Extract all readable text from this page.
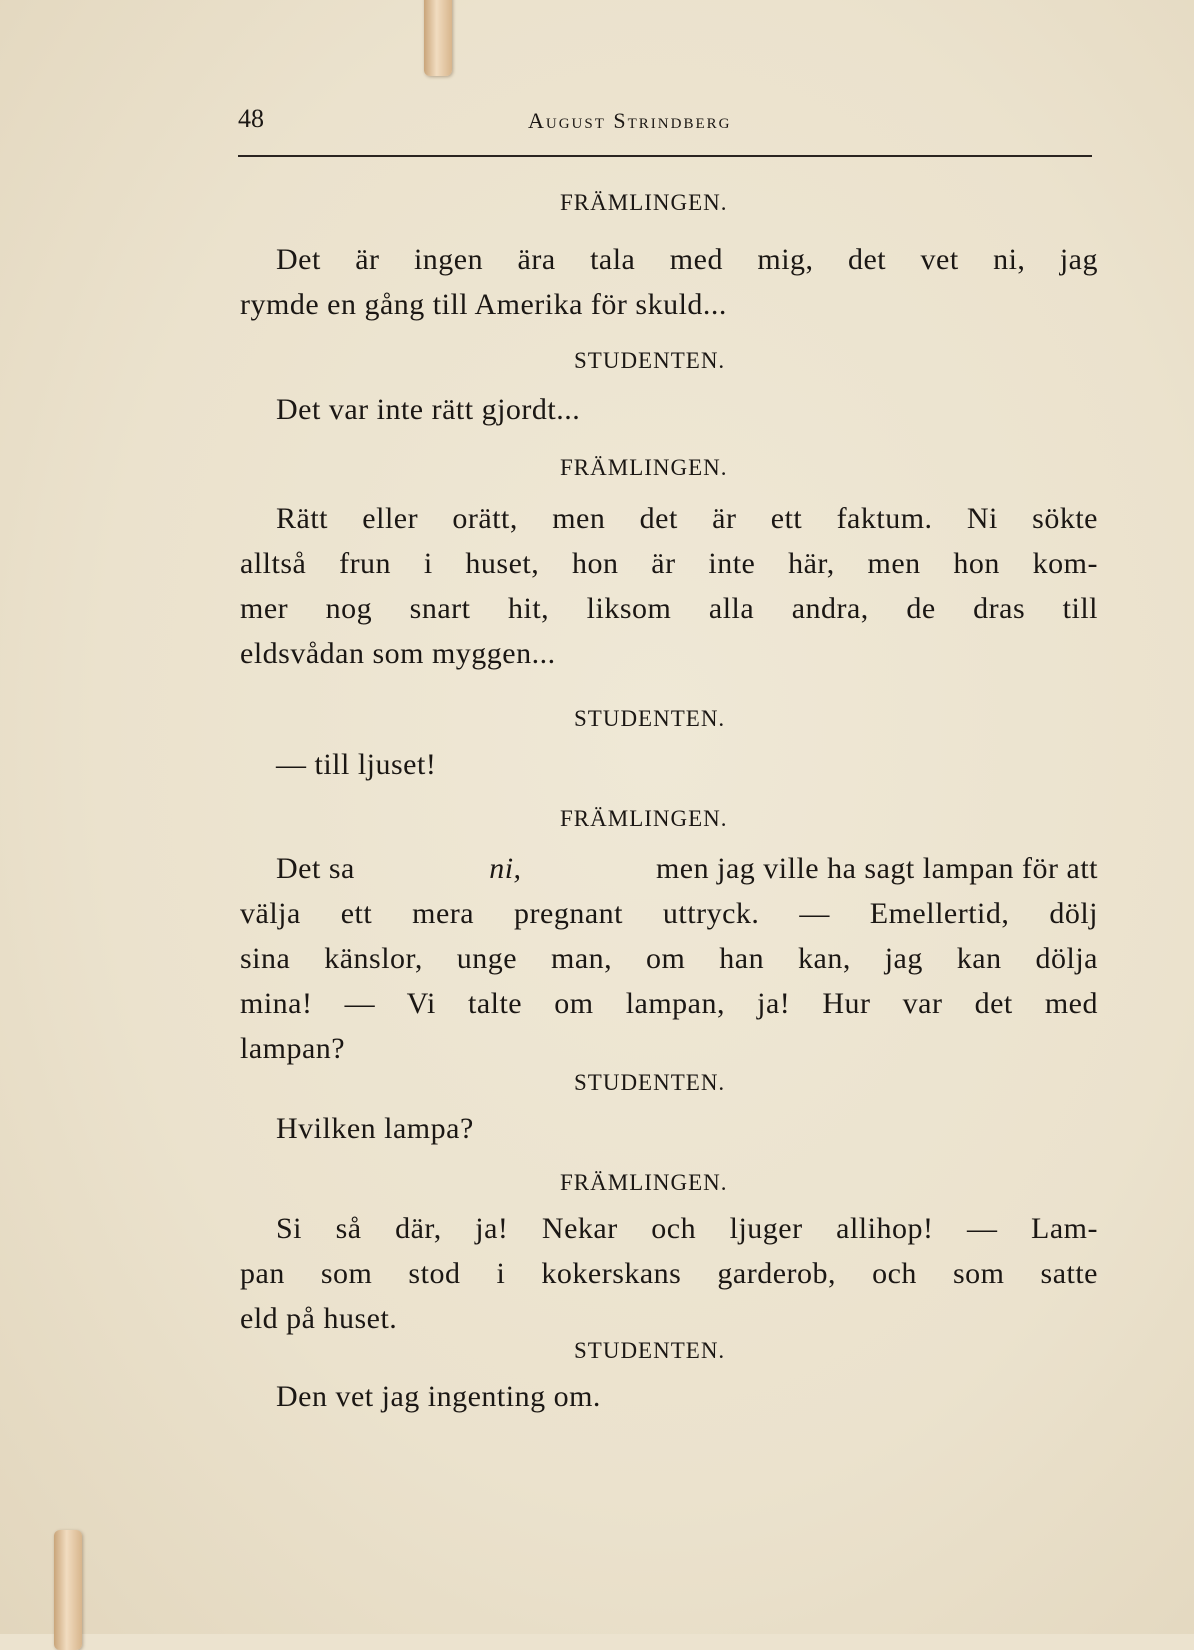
48	August Strindberg
FRÄMLINGEN.
Det är ingen ära tala med mig, det vet ni, jag
rymde en gång till Amerika för skuld...
STUDENTEN.
Det var inte rätt gjordt...
FRÄMLINGEN.
Rätt eller orätt, men det är ett faktum. Ni sökte
alltså frun i huset, hon är inte här, men hon kom-
mer nog snart hit, liksom alla andra, de dras till
eldsvådan som myggen...
STUDENTEN.
— till ljuset!
FRÄMLINGEN.
Det sa	ni,	men jag ville ha sagt lampan för att
välja ett mera pregnant uttryck. — Emellertid, dölj
sina känslor, unge man, om han kan, jag kan dölja
mina! — Vi talte om lampan, ja! Hur var det med
lampan?
STUDENTEN.
Hvilken lampa?
FRÄMLINGEN.
Si så där, ja! Nekar och ljuger allihop! — Lam-
pan som stod i kokerskans garderob, och som satte
eld på huset.
STUDENTEN.
Den vet jag ingenting om.
